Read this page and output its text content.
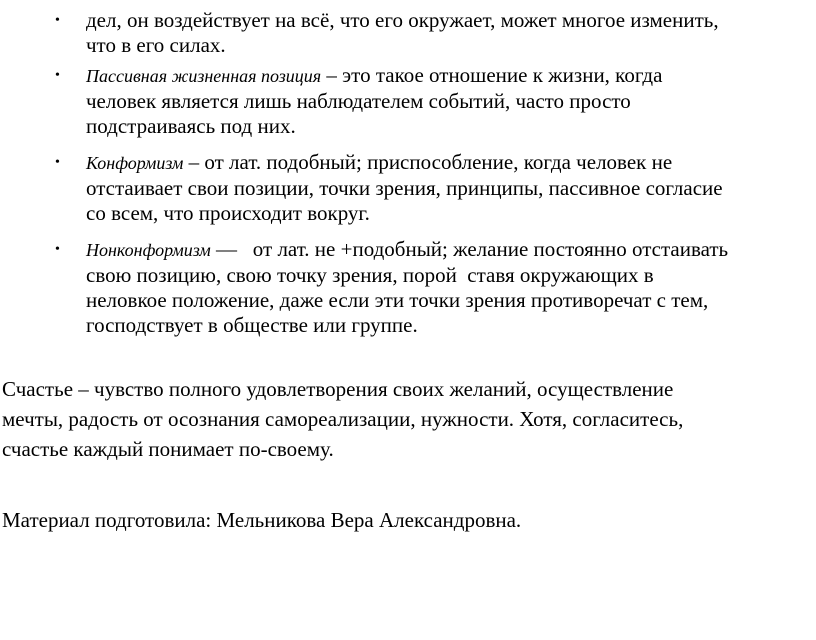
• дел, он воздействует на всё, что его окружает, может многое изменить,
что в его силах.
• Пассивная жизненная позиция – это такое отношение к жизни, когда
человек является лишь наблюдателем событий, часто просто
подстраиваясь под них.
• Конформизм – от лат. подобный; приспособление, когда человек не
отстаивает свои позиции, точки зрения, принципы, пассивное согласие
со всем, что происходит вокруг.
• Нонконформизм —   от лат. не +подобный; желание постоянно отстаивать
свою позицию, свою точку зрения, порой  ставя окружающих в
неловкое положение, даже если эти точки зрения противоречат с тем,
господствует в обществе или группе.
Счастье – чувство полного удовлетворения своих желаний, осуществление
мечты, радость от осознания самореализации, нужности. Хотя, согласитесь,
счастье каждый понимает по-своему.
Материал подготовила: Мельникова Вера Александровна.
